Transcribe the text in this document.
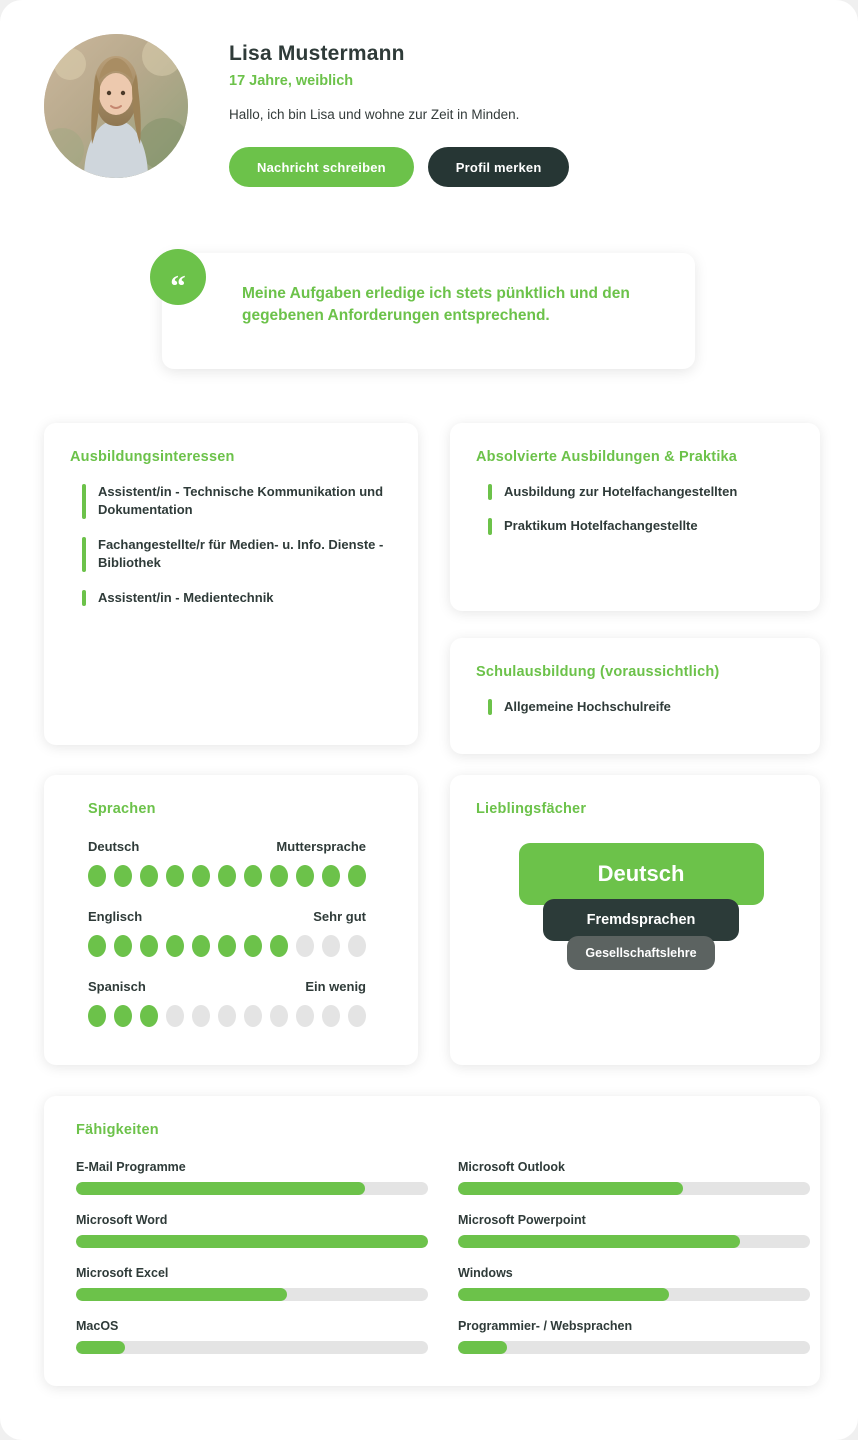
Lisa Mustermann
17 Jahre, weiblich
Hallo, ich bin Lisa und wohne zur Zeit in Minden.
Nachricht schreiben	Profil merken
Meine Aufgaben erledige ich stets pünktlich und den gegebenen Anforderungen entsprechend.
“
Ausbildungsinteressen
Assistent/in - Technische Kommunikation und Dokumentation
Fachangestellte/r für Medien- u. Info. Dienste - Bibliothek
Assistent/in - Medientechnik
Absolvierte Ausbildungen & Praktika
Ausbildung zur Hotelfachangestellten
Praktikum Hotelfachangestellte
Schulausbildung (voraussichtlich)
Allgemeine Hochschulreife
Sprachen
Deutsch	Muttersprache
Englisch	Sehr gut
Spanisch	Ein wenig
Lieblingsfächer
Deutsch
Fremdsprachen
Gesellschaftslehre
Fähigkeiten
E-Mail Programme	Microsoft Outlook
Microsoft Word	Microsoft Powerpoint
Microsoft Excel	Windows
MacOS	Programmier- / Websprachen
